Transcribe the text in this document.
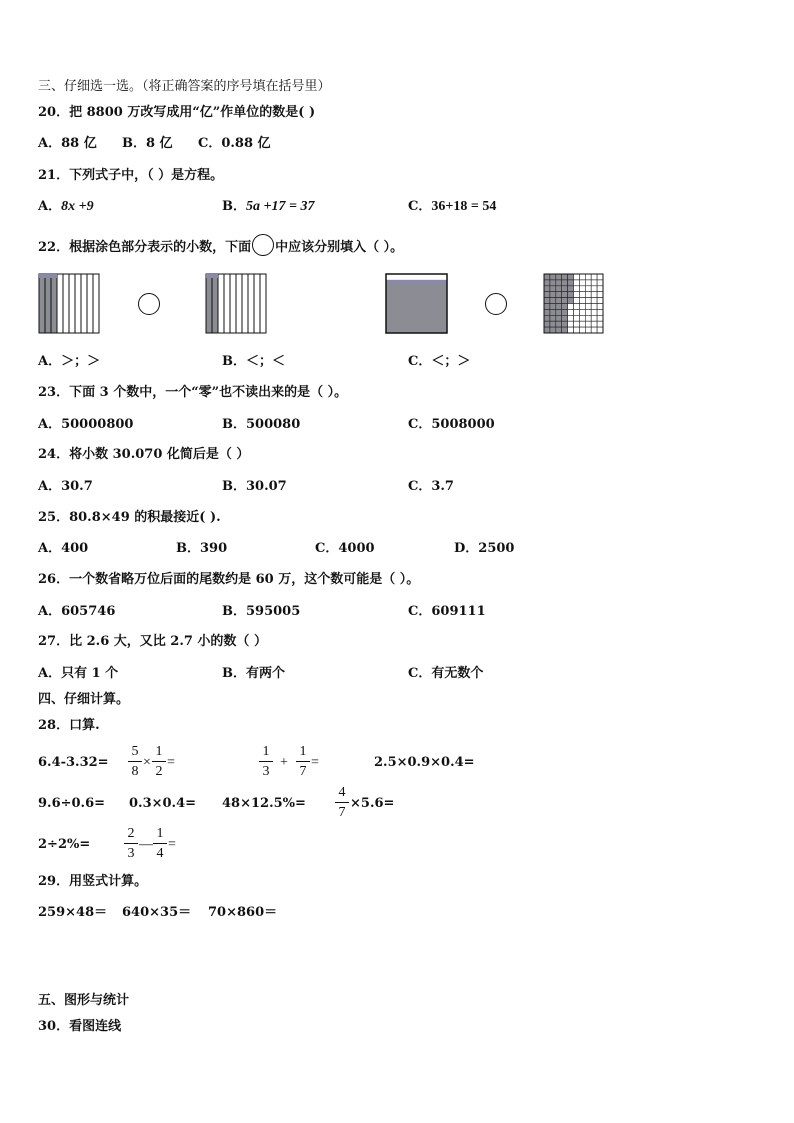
三、仔细选一选。（将正确答案的序号填在括号里）
20．把 8800 万改写成用“亿”作单位的数是( )
A．88 亿 B．8 亿 C．0.88 亿
21．下列式子中，（ ）是方程。
A．8x +9	B．5a +17 = 37	C．36+18 = 54
22．根据涂色部分表示的小数，下面 中应该分别填入（ ）。
A．＞；＞	B．＜；＜	C．＜；＞
23．下面 3 个数中，一个“零”也不读出来的是（ ）。
A．50000800	B．500080	C．5008000
24．将小数 30.070 化简后是（ ）
A．30.7	B．30.07	C．3.7
25．80.8×49 的积最接近( ).
A．400	B．390	C．4000	D．2500
26．一个数省略万位后面的尾数约是 60 万，这个数可能是（ ）。
A．605746	B．595005	C．609111
27．比 2.6 大，又比 2.7 小的数（ ）
A．只有 1 个	B．有两个	C．有无数个
四、仔细计算。
28．口算.
6.4-3.32=
5
8
×
1
2
=
1
3
+
1
7
=	2.5×0.9×0.4=
9.6÷0.6= 0.3×0.4= 48×12.5%=
4
7
×5.6=
2÷2%=
2
3
—
1
4
=
29．用竖式计算。
259×48＝ 640×35＝ 70×860＝
五、图形与统计
30．看图连线
